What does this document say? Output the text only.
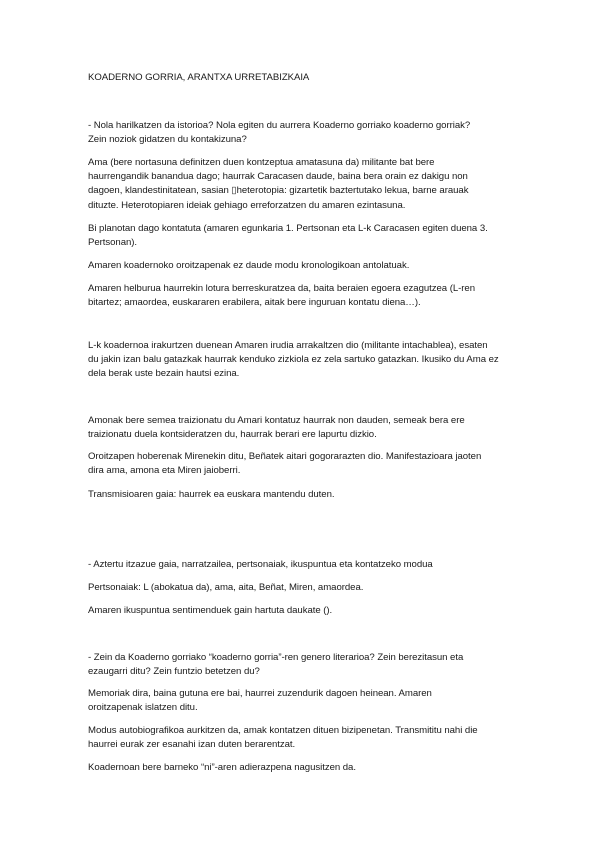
KOADERNO GORRIA, ARANTXA URRETABIZKAIA
- Nola harilkatzen da istorioa? Nola egiten du aurrera Koaderno gorriako koaderno gorriak?
Zein noziok gidatzen du kontakizuna?
Ama (bere nortasuna definitzen duen kontzeptua amatasuna da) militante bat bere
haurrengandik banandua dago; haurrak Caracasen daude, baina bera orain ez dakigu non
dagoen, klandestinitatean, sasian ▯heterotopia: gizartetik baztertutako lekua, barne arauak
dituzte. Heterotopiaren ideiak gehiago erreforzatzen du amaren ezintasuna.
Bi planotan dago kontatuta (amaren egunkaria 1. Pertsonan eta L-k Caracasen egiten duena 3.
Pertsonan).
Amaren koadernoko oroitzapenak ez daude modu kronologikoan antolatuak.
Amaren helburua haurrekin lotura berreskuratzea da, baita beraien egoera ezagutzea (L-ren
bitartez; amaordea, euskararen erabilera, aitak bere inguruan kontatu diena…).
L-k koadernoa irakurtzen duenean Amaren irudia arrakaltzen dio (militante intachablea), esaten
du jakin izan balu gatazkak haurrak kenduko zizkiola ez zela sartuko gatazkan. Ikusiko du Ama ez
dela berak uste bezain hautsi ezina.
Amonak bere semea traizionatu du Amari kontatuz haurrak non dauden, semeak bera ere
traizionatu duela kontsideratzen du, haurrak berari ere lapurtu dizkio.
Oroitzapen hoberenak Mirenekin ditu, Beñatek aitari gogorarazten dio. Manifestazioara jaoten
dira ama, amona eta Miren jaioberri.
Transmisioaren gaia: haurrek ea euskara mantendu duten.
- Aztertu itzazue gaia, narratzailea, pertsonaiak, ikuspuntua eta kontatzeko modua
Pertsonaiak: L (abokatua da), ama, aita, Beñat, Miren, amaordea.
Amaren ikuspuntua sentimenduek gain hartuta daukate ().
- Zein da Koaderno gorriako “koaderno gorria”-ren genero literarioa? Zein berezitasun eta
ezaugarri ditu? Zein funtzio betetzen du?
Memoriak dira, baina gutuna ere bai, haurrei zuzendurik dagoen heinean. Amaren
oroitzapenak islatzen ditu.
Modus autobiografikoa aurkitzen da, amak kontatzen dituen bizipenetan. Transmititu nahi die
haurrei eurak zer esanahi izan duten berarentzat.
Koadernoan bere barneko “ni”-aren adierazpena nagusitzen da.
